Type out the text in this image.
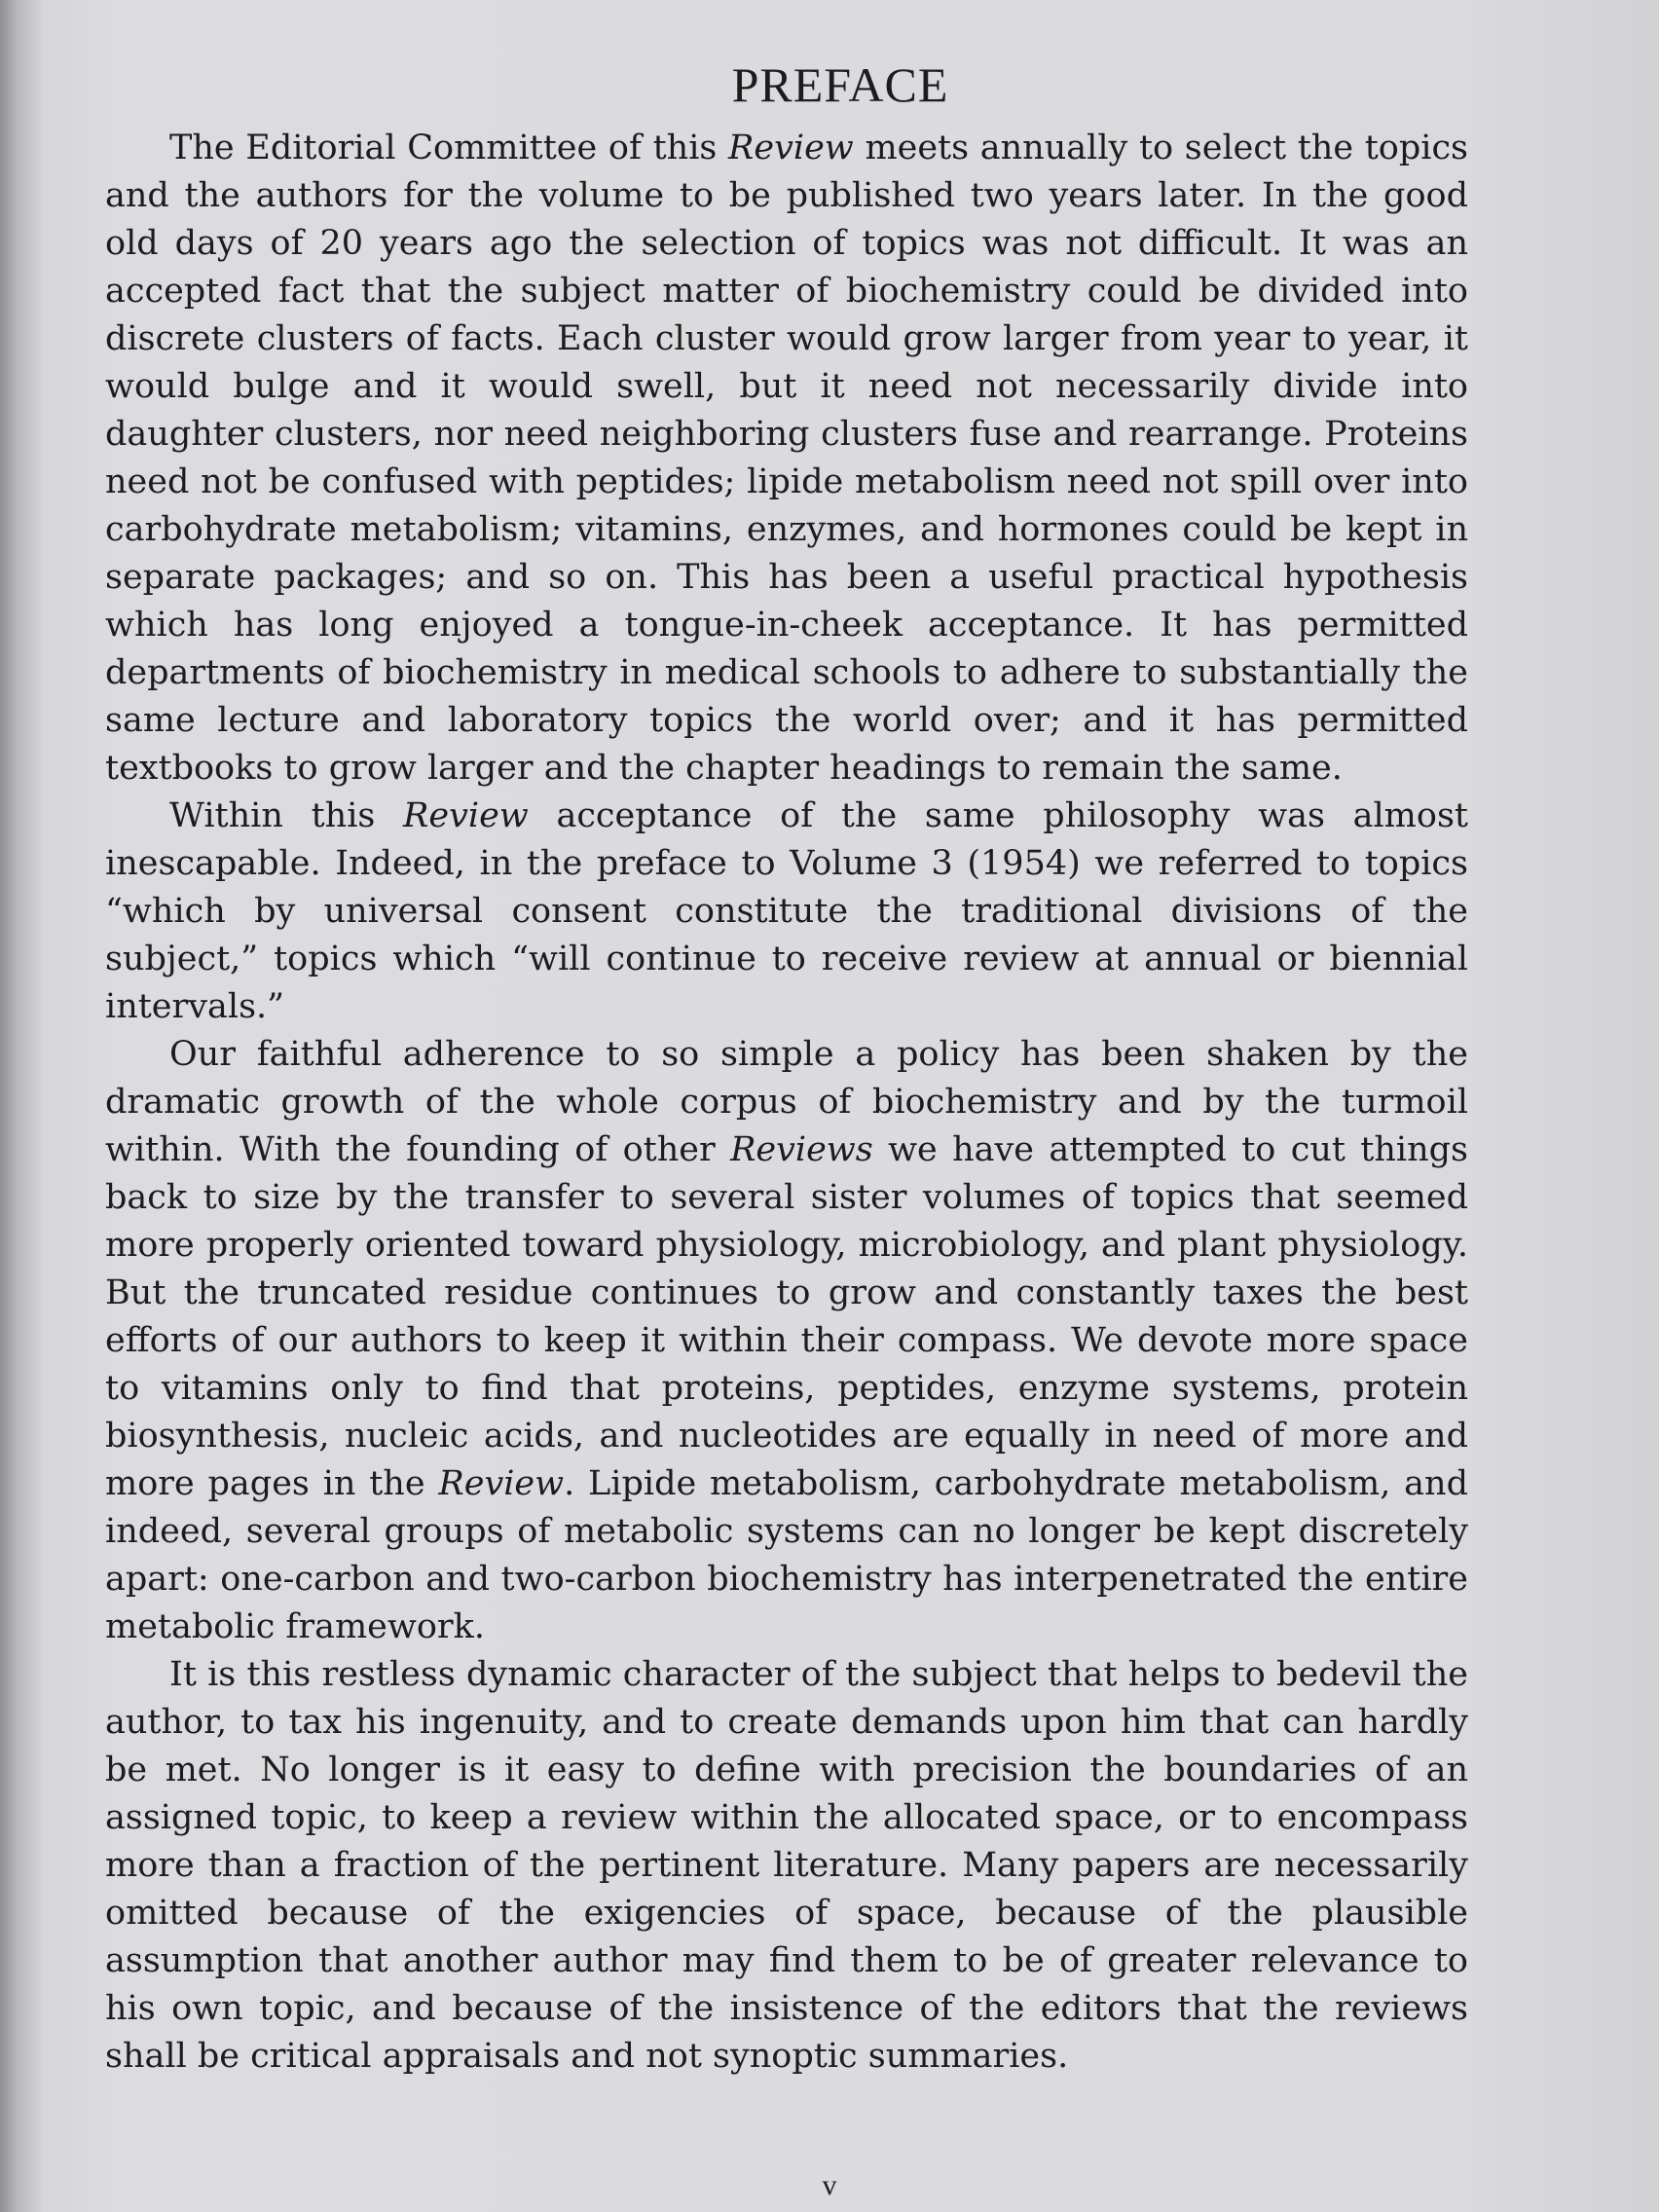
PREFACE

The Editorial Committee of this Review meets annually to select the topics and the authors for the volume to be published two years later. In the good old days of 20 years ago the selection of topics was not difficult. It was an accepted fact that the subject matter of biochemistry could be divided into discrete clusters of facts. Each cluster would grow larger from year to year, it would bulge and it would swell, but it need not necessarily divide into daughter clusters, nor need neighboring clusters fuse and rearrange. Proteins need not be confused with peptides; lipide metabolism need not spill over into carbohydrate metabolism; vitamins, enzymes, and hormones could be kept in separate packages; and so on. This has been a useful practical hypothesis which has long enjoyed a tongue-in-cheek acceptance. It has permitted departments of biochemistry in medical schools to adhere to substantially the same lecture and laboratory topics the world over; and it has permitted textbooks to grow larger and the chapter headings to remain the same.

Within this Review acceptance of the same philosophy was almost inescapable. Indeed, in the preface to Volume 3 (1954) we referred to topics “which by universal consent constitute the traditional divisions of the subject,” topics which “will continue to receive review at annual or biennial intervals.”

Our faithful adherence to so simple a policy has been shaken by the dramatic growth of the whole corpus of biochemistry and by the turmoil within. With the founding of other Reviews we have attempted to cut things back to size by the transfer to several sister volumes of topics that seemed more properly oriented toward physiology, microbiology, and plant physiology. But the truncated residue continues to grow and constantly taxes the best efforts of our authors to keep it within their compass. We devote more space to vitamins only to find that proteins, peptides, enzyme systems, protein biosynthesis, nucleic acids, and nucleotides are equally in need of more and more pages in the Review. Lipide metabolism, carbohydrate metabolism, and indeed, several groups of metabolic systems can no longer be kept discretely apart: one-carbon and two-carbon biochemistry has interpenetrated the entire metabolic framework.

It is this restless dynamic character of the subject that helps to bedevil the author, to tax his ingenuity, and to create demands upon him that can hardly be met. No longer is it easy to define with precision the boundaries of an assigned topic, to keep a review within the allocated space, or to encompass more than a fraction of the pertinent literature. Many papers are necessarily omitted because of the exigencies of space, because of the plausible assumption that another author may find them to be of greater relevance to his own topic, and because of the insistence of the editors that the reviews shall be critical appraisals and not synoptic summaries.

v
